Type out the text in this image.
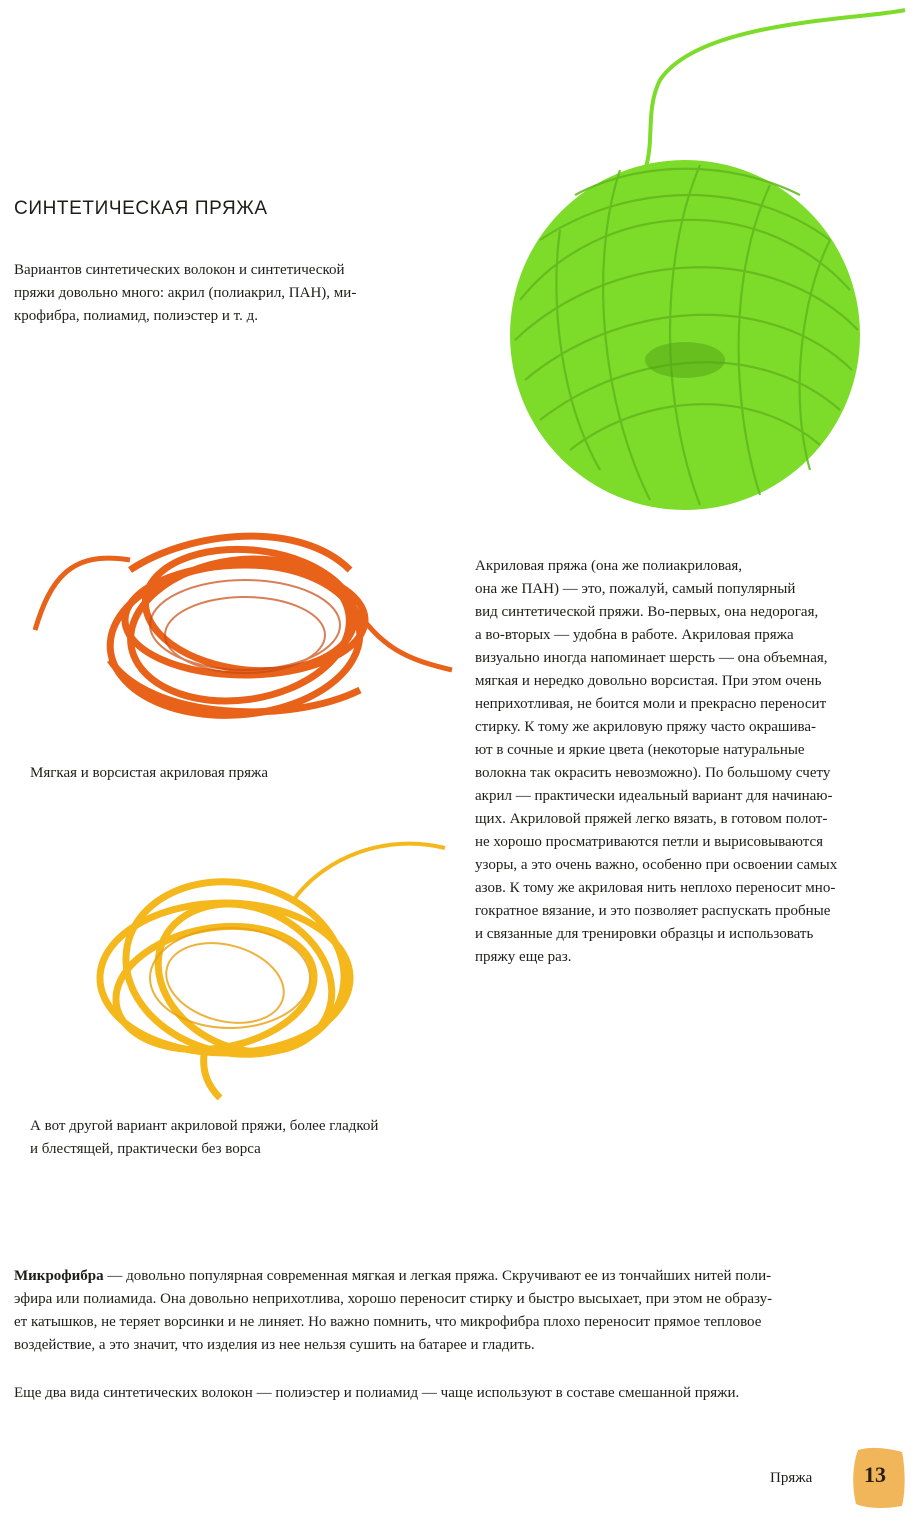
СИНТЕТИЧЕСКАЯ ПРЯЖА
Вариантов синтетических волокон и синтетической
пряжи довольно много: акрил (полиакрил, ПАН), ми-
крофибра, полиамид, полиэстер и т. д.
Мягкая и ворсистая акриловая пряжа
А вот другой вариант акриловой пряжи, более гладкой
и блестящей, практически без ворса
Акриловая пряжа (она же полиакриловая,
она же ПАН) — это, пожалуй, самый популярный
вид синтетической пряжи. Во-первых, она недорогая,
а во-вторых — удобна в работе. Акриловая пряжа
визуально иногда напоминает шерсть — она объемная,
мягкая и нередко довольно ворсистая. При этом очень
неприхотливая, не боится моли и прекрасно переносит
стирку. К тому же акриловую пряжу часто окрашива-
ют в сочные и яркие цвета (некоторые натуральные
волокна так окрасить невозможно). По большому счету
акрил — практически идеальный вариант для начинаю-
щих. Акриловой пряжей легко вязать, в готовом полот-
не хорошо просматриваются петли и вырисовываются
узоры, а это очень важно, особенно при освоении самых
азов. К тому же акриловая нить неплохо переносит мно-
гократное вязание, и это позволяет распускать пробные
и связанные для тренировки образцы и использовать
пряжу еще раз.
Микрофибра — довольно популярная современная мягкая и легкая пряжа. Скручивают ее из тончайших нитей поли-
эфира или полиамида. Она довольно неприхотлива, хорошо переносит стирку и быстро высыхает, при этом не образу-
ет катышков, не теряет ворсинки и не линяет. Но важно помнить, что микрофибра плохо переносит прямое тепловое
воздействие, а это значит, что изделия из нее нельзя сушить на батарее и гладить.
Еще два вида синтетических волокон — полиэстер и полиамид — чаще используют в составе смешанной пряжи.
Пряжа	13
